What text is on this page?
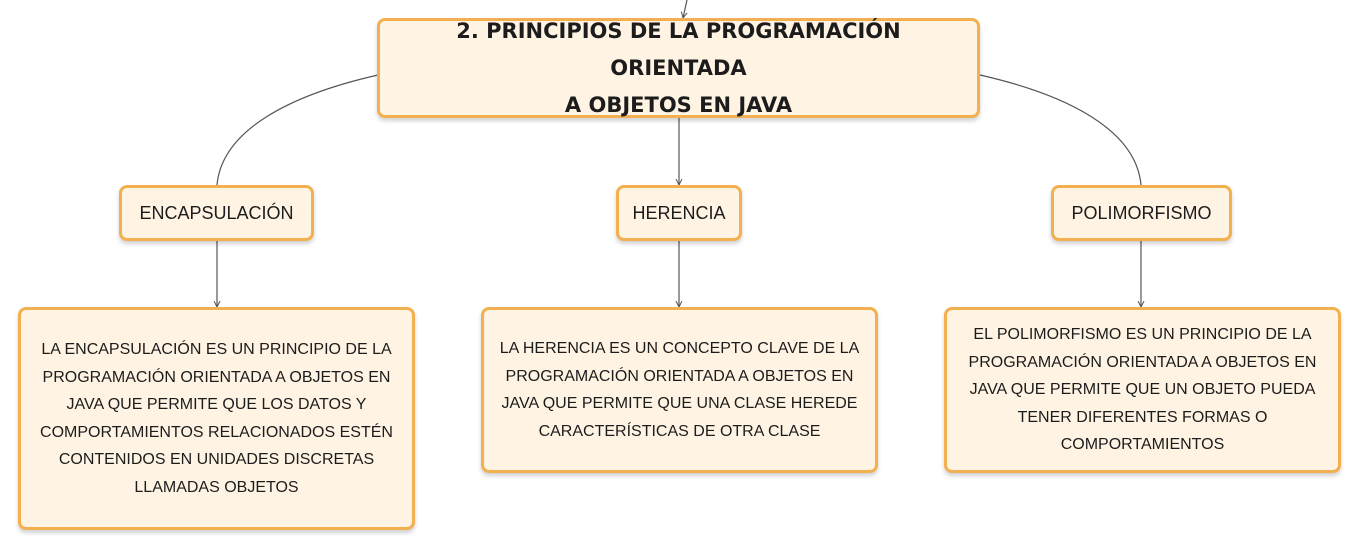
2. PRINCIPIOS DE LA PROGRAMACIÓN ORIENTADA
A OBJETOS EN JAVA
ENCAPSULACIÓN	HERENCIA	POLIMORFISMO
LA ENCAPSULACIÓN ES UN PRINCIPIO DE LA PROGRAMACIÓN ORIENTADA A OBJETOS EN JAVA QUE PERMITE QUE LOS DATOS Y COMPORTAMIENTOS RELACIONADOS ESTÉN CONTENIDOS EN UNIDADES DISCRETAS LLAMADAS OBJETOS
LA HERENCIA ES UN CONCEPTO CLAVE DE LA PROGRAMACIÓN ORIENTADA A OBJETOS EN JAVA QUE PERMITE QUE UNA CLASE HEREDE CARACTERÍSTICAS DE OTRA CLASE
EL POLIMORFISMO ES UN PRINCIPIO DE LA PROGRAMACIÓN ORIENTADA A OBJETOS EN JAVA QUE PERMITE QUE UN OBJETO PUEDA TENER DIFERENTES FORMAS O COMPORTAMIENTOS
